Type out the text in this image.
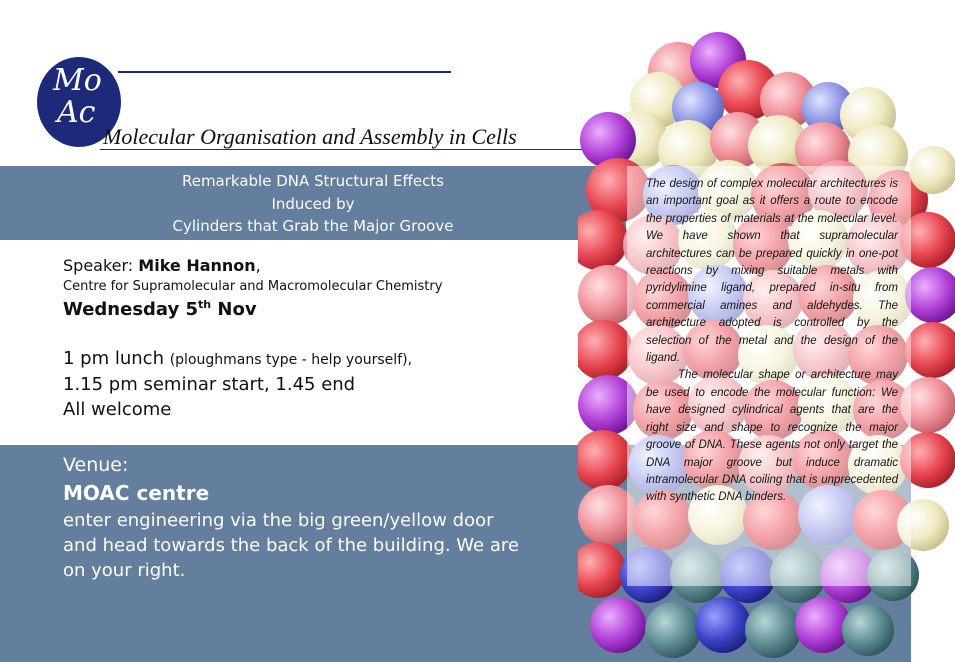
Mo
Ac
Molecular Organisation and Assembly in Cells
Remarkable DNA Structural Effects
Induced by
Cylinders that Grab the Major Groove

The design of complex molecular architectures is an important goal as it offers a route to encode the properties of materials at the molecular level. We have shown that supramolecular architectures can be prepared quickly in one-pot reactions by mixing suitable metals with pyridylimine ligand, prepared in-situ from commercial amines and aldehydes. The architecture adopted is controlled by the selection of the metal and the design of the ligand.

The molecular shape or architecture may be used to encode the molecular function: We have designed cylindrical agents that are the right size and shape to recognize the major groove of DNA. These agents not only target the DNA major groove but induce dramatic intramolecular DNA coiling that is unprecedented with synthetic DNA binders.

Speaker: Mike Hannon,
Centre for Supramolecular and Macromolecular Chemistry
Wednesday 5th Nov
1 pm lunch (ploughmans type - help yourself),
1.15 pm seminar start, 1.45 end
All welcome
Venue:
MOAC centre
enter engineering via the big green/yellow door
and head towards the back of the building. We are
on your right.
